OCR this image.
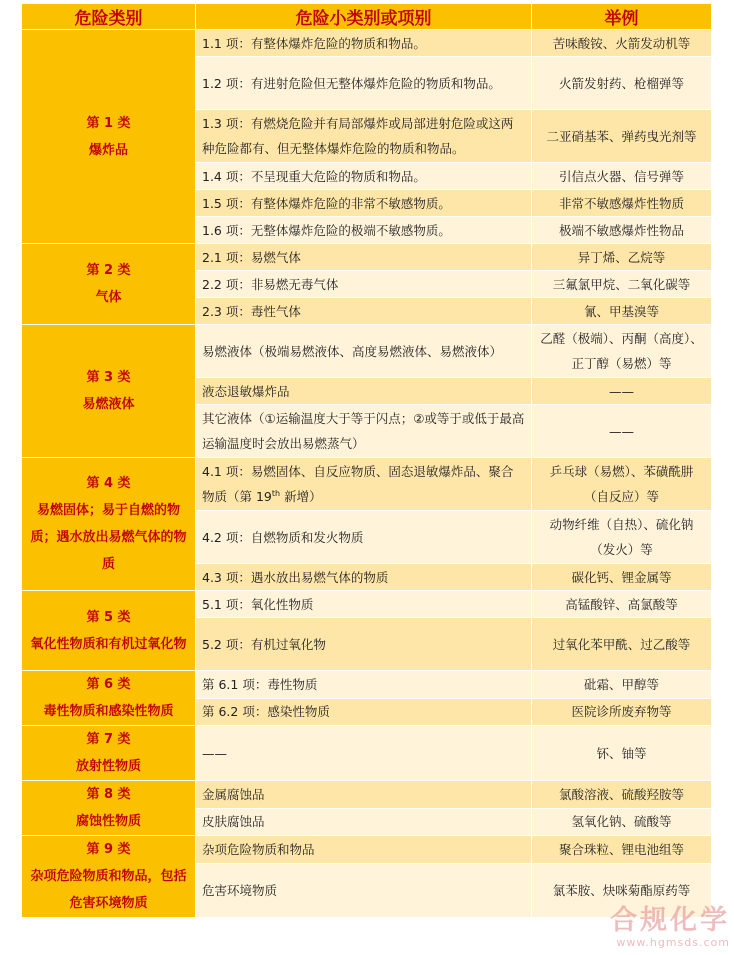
危险类别	危险小类别或项别	举例

第 1 类
爆炸品	1.1 项：有整体爆炸危险的物质和物品。	苦味酸铵、火箭发动机等
	1.2 项：有进射危险但无整体爆炸危险的物质和物品。	火箭发射药、枪榴弹等
	1.3 项：有燃烧危险并有局部爆炸或局部进射危险或这两种危险都有、但无整体爆炸危险的物质和物品。	二亚硝基苯、弹药曳光剂等
	1.4 项：不呈现重大危险的物质和物品。	引信点火器、信号弹等
	1.5 项：有整体爆炸危险的非常不敏感物质。	非常不敏感爆炸性物质
	1.6 项：无整体爆炸危险的极端不敏感物质。	极端不敏感爆炸性物品

第 2 类
气体	2.1 项：易燃气体	异丁烯、乙烷等
	2.2 项：非易燃无毒气体	三氟氯甲烷、二氧化碳等
	2.3 项：毒性气体	氰、甲基溴等

第 3 类
易燃液体	易燃液体（极端易燃液体、高度易燃液体、易燃液体）	乙醛（极端）、丙酮（高度）、正丁醇（易燃）等
	液态退敏爆炸品	——
	其它液体（①运输温度大于等于闪点；②或等于或低于最高运输温度时会放出易燃蒸气）	——

第 4 类
易燃固体；易于自燃的物质；遇水放出易燃气体的物质	4.1 项：易燃固体、自反应物质、固态退敏爆炸品、聚合物质（第 19th 新增）	乒乓球（易燃）、苯磺酰肼（自反应）等
	4.2 项：自燃物质和发火物质	动物纤维（自热）、硫化钠（发火）等
	4.3 项：遇水放出易燃气体的物质	碳化钙、锂金属等

第 5 类
氧化性物质和有机过氧化物	5.1 项：氧化性物质	高锰酸锌、高氯酸等
	5.2 项：有机过氧化物	过氧化苯甲酰、过乙酸等

第 6 类
毒性物质和感染性物质	第 6.1 项：毒性物质	砒霜、甲醇等
	第 6.2 项：感染性物质	医院诊所废弃物等

第 7 类
放射性物质	——	钚、铀等

第 8 类
腐蚀性物质	金属腐蚀品	氯酸溶液、硫酸羟胺等
	皮肤腐蚀品	氢氧化钠、硫酸等

第 9 类
杂项危险物质和物品，包括危害环境物质	杂项危险物质和物品	聚合珠粒、锂电池组等
	危害环境物质	氯苯胺、炔咪菊酯原药等
合规化学
www.hgmsds.com
